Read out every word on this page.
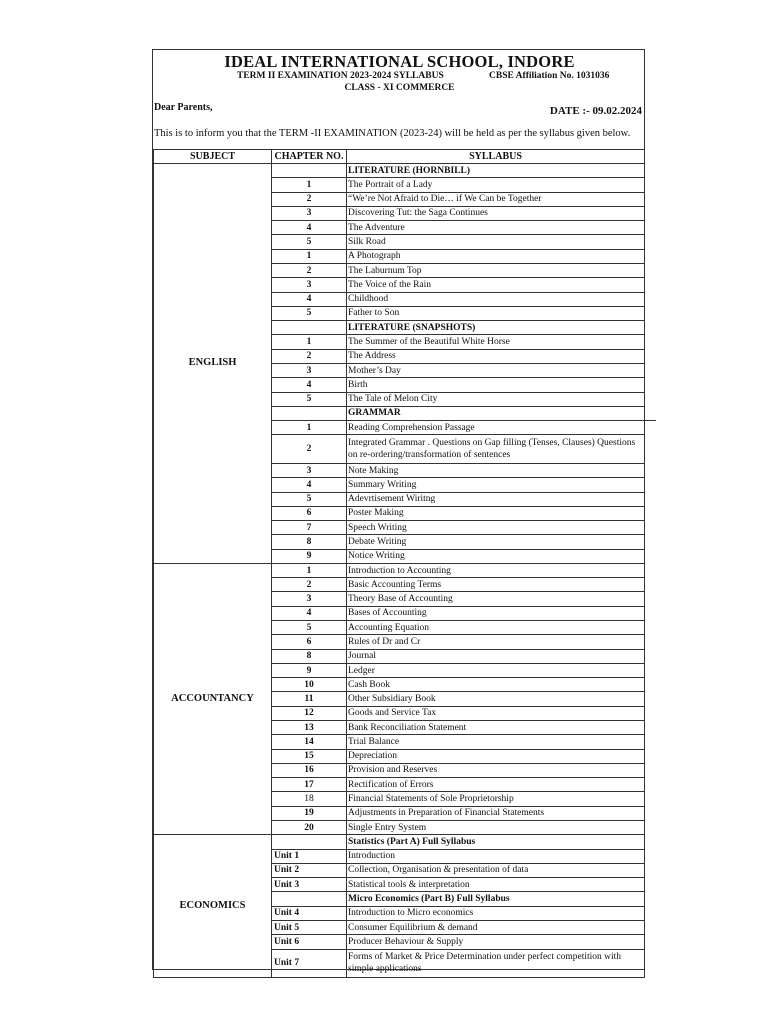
IDEAL INTERNATIONAL SCHOOL, INDORE
TERM II EXAMINATION 2023-2024 SYLLABUS	CBSE Affiliation No. 1031036
CLASS - XI COMMERCE
Dear Parents,	DATE :- 09.02.2024
This is to inform you that the TERM -II EXAMINATION (2023-24) will be held as per the syllabus given below.
SUBJECT	CHAPTER NO.	SYLLABUS
ENGLISH		LITERATURE (HORNBILL)
	1	The Portrait of a Lady
	2	“We’re Not Afraid to Die… if We Can be Together
	3	Discovering Tut: the Saga Continues
	4	The Adventure
	5	Silk Road
	1	A Photograph
	2	The Laburnum Top
	3	The Voice of the Rain
	4	Childhood
	5	Father to Son
		LITERATURE (SNAPSHOTS)
	1	The Summer of the Beautiful White Horse
	2	The Address
	3	Mother’s Day
	4	Birth
	5	The Tale of Melon City
		GRAMMAR
	1	Reading Comprehension Passage
	2	Integrated Grammar . Questions on Gap filling (Tenses, Clauses) Questions on re-ordering/transformation of sentences
	3	Note Making
	4	Summary Writing
	5	Adevrtisement Wiritng
	6	Poster Making
	7	Speech Writing
	8	Debate Writing
	9	Notice Writing
ACCOUNTANCY	1	Introduction to Accounting
	2	Basic Accounting Terms
	3	Theory Base of Accounting
	4	Bases of Accounting
	5	Accounting Equation
	6	Rules of Dr and Cr
	8	Journal
	9	Ledger
	10	Cash Book
	11	Other Subsidiary Book
	12	Goods and Service Tax
	13	Bank Reconciliation Statement
	14	Trial Balance
	15	Depreciation
	16	Provision and Reserves
	17	Rectification of Errors
	18	Financial Statements of Sole Proprietorship
	19	Adjustments in Preparation of Financial Statements
	20	Single Entry System
ECONOMICS		Statistics (Part A) Full Syllabus
	Unit 1	Introduction
	Unit 2	Collection, Organisation & presentation of data
	Unit 3	Statistical tools & interpretation
		Micro Economics (Part B) Full Syllabus
	Unit 4	Introduction to Micro economics
	Unit 5	Consumer Equilibrium & demand
	Unit 6	Producer Behaviour & Supply
	Unit 7	Forms of Market & Price Determination under perfect competition with simple applications
